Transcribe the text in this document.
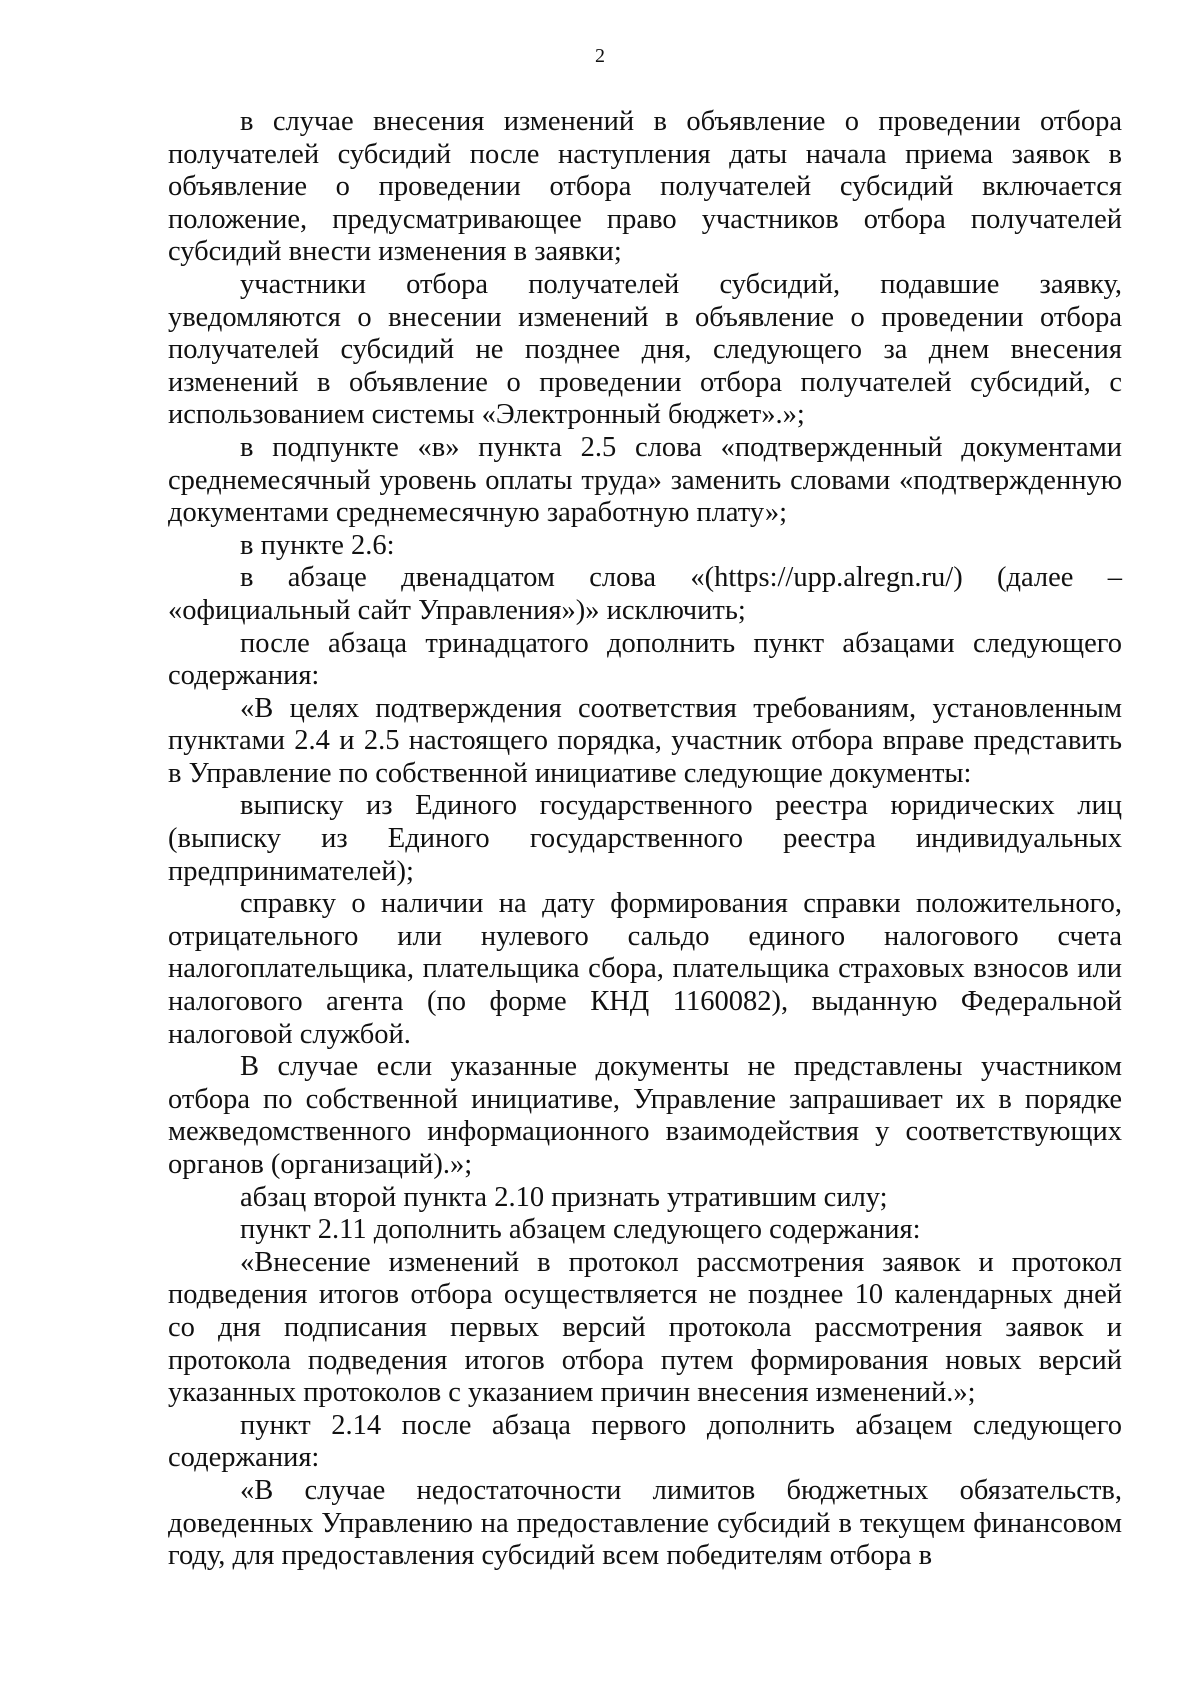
2

в случае внесения изменений в объявление о проведении отбора получателей субсидий после наступления даты начала приема заявок в объявление о проведении отбора получателей субсидий включается положение, предусматривающее право участников отбора получателей субсидий внести изменения в заявки;

участники отбора получателей субсидий, подавшие заявку, уведомляются о внесении изменений в объявление о проведении отбора получателей субсидий не позднее дня, следующего за днем внесения изменений в объявление о проведении отбора получателей субсидий, с использованием системы «Электронный бюджет».»;

в подпункте «в» пункта 2.5 слова «подтвержденный документами среднемесячный уровень оплаты труда» заменить словами «подтвержденную документами среднемесячную заработную плату»;

в пункте 2.6:

в абзаце двенадцатом слова «(https://upp.alregn.ru/) (далее – «официальный сайт Управления»)» исключить;

после абзаца тринадцатого дополнить пункт абзацами следующего содержания:

«В целях подтверждения соответствия требованиям, установленным пунктами 2.4 и 2.5 настоящего порядка, участник отбора вправе представить в Управление по собственной инициативе следующие документы:

выписку из Единого государственного реестра юридических лиц (выписку из Единого государственного реестра индивидуальных предпринимателей);

справку о наличии на дату формирования справки положительного, отрицательного или нулевого сальдо единого налогового счета налогоплательщика, плательщика сбора, плательщика страховых взносов или налогового агента (по форме КНД 1160082), выданную Федеральной налоговой службой.

В случае если указанные документы не представлены участником отбора по собственной инициативе, Управление запрашивает их в порядке межведомственного информационного взаимодействия у соответствующих органов (организаций).»;

абзац второй пункта 2.10 признать утратившим силу;

пункт 2.11 дополнить абзацем следующего содержания:

«Внесение изменений в протокол рассмотрения заявок и протокол подведения итогов отбора осуществляется не позднее 10 календарных дней со дня подписания первых версий протокола рассмотрения заявок и протокола подведения итогов отбора путем формирования новых версий указанных протоколов с указанием причин внесения изменений.»;

пункт 2.14 после абзаца первого дополнить абзацем следующего содержания:

«В случае недостаточности лимитов бюджетных обязательств, доведенных Управлению на предоставление субсидий в текущем финансовом году, для предоставления субсидий всем победителям отбора в
